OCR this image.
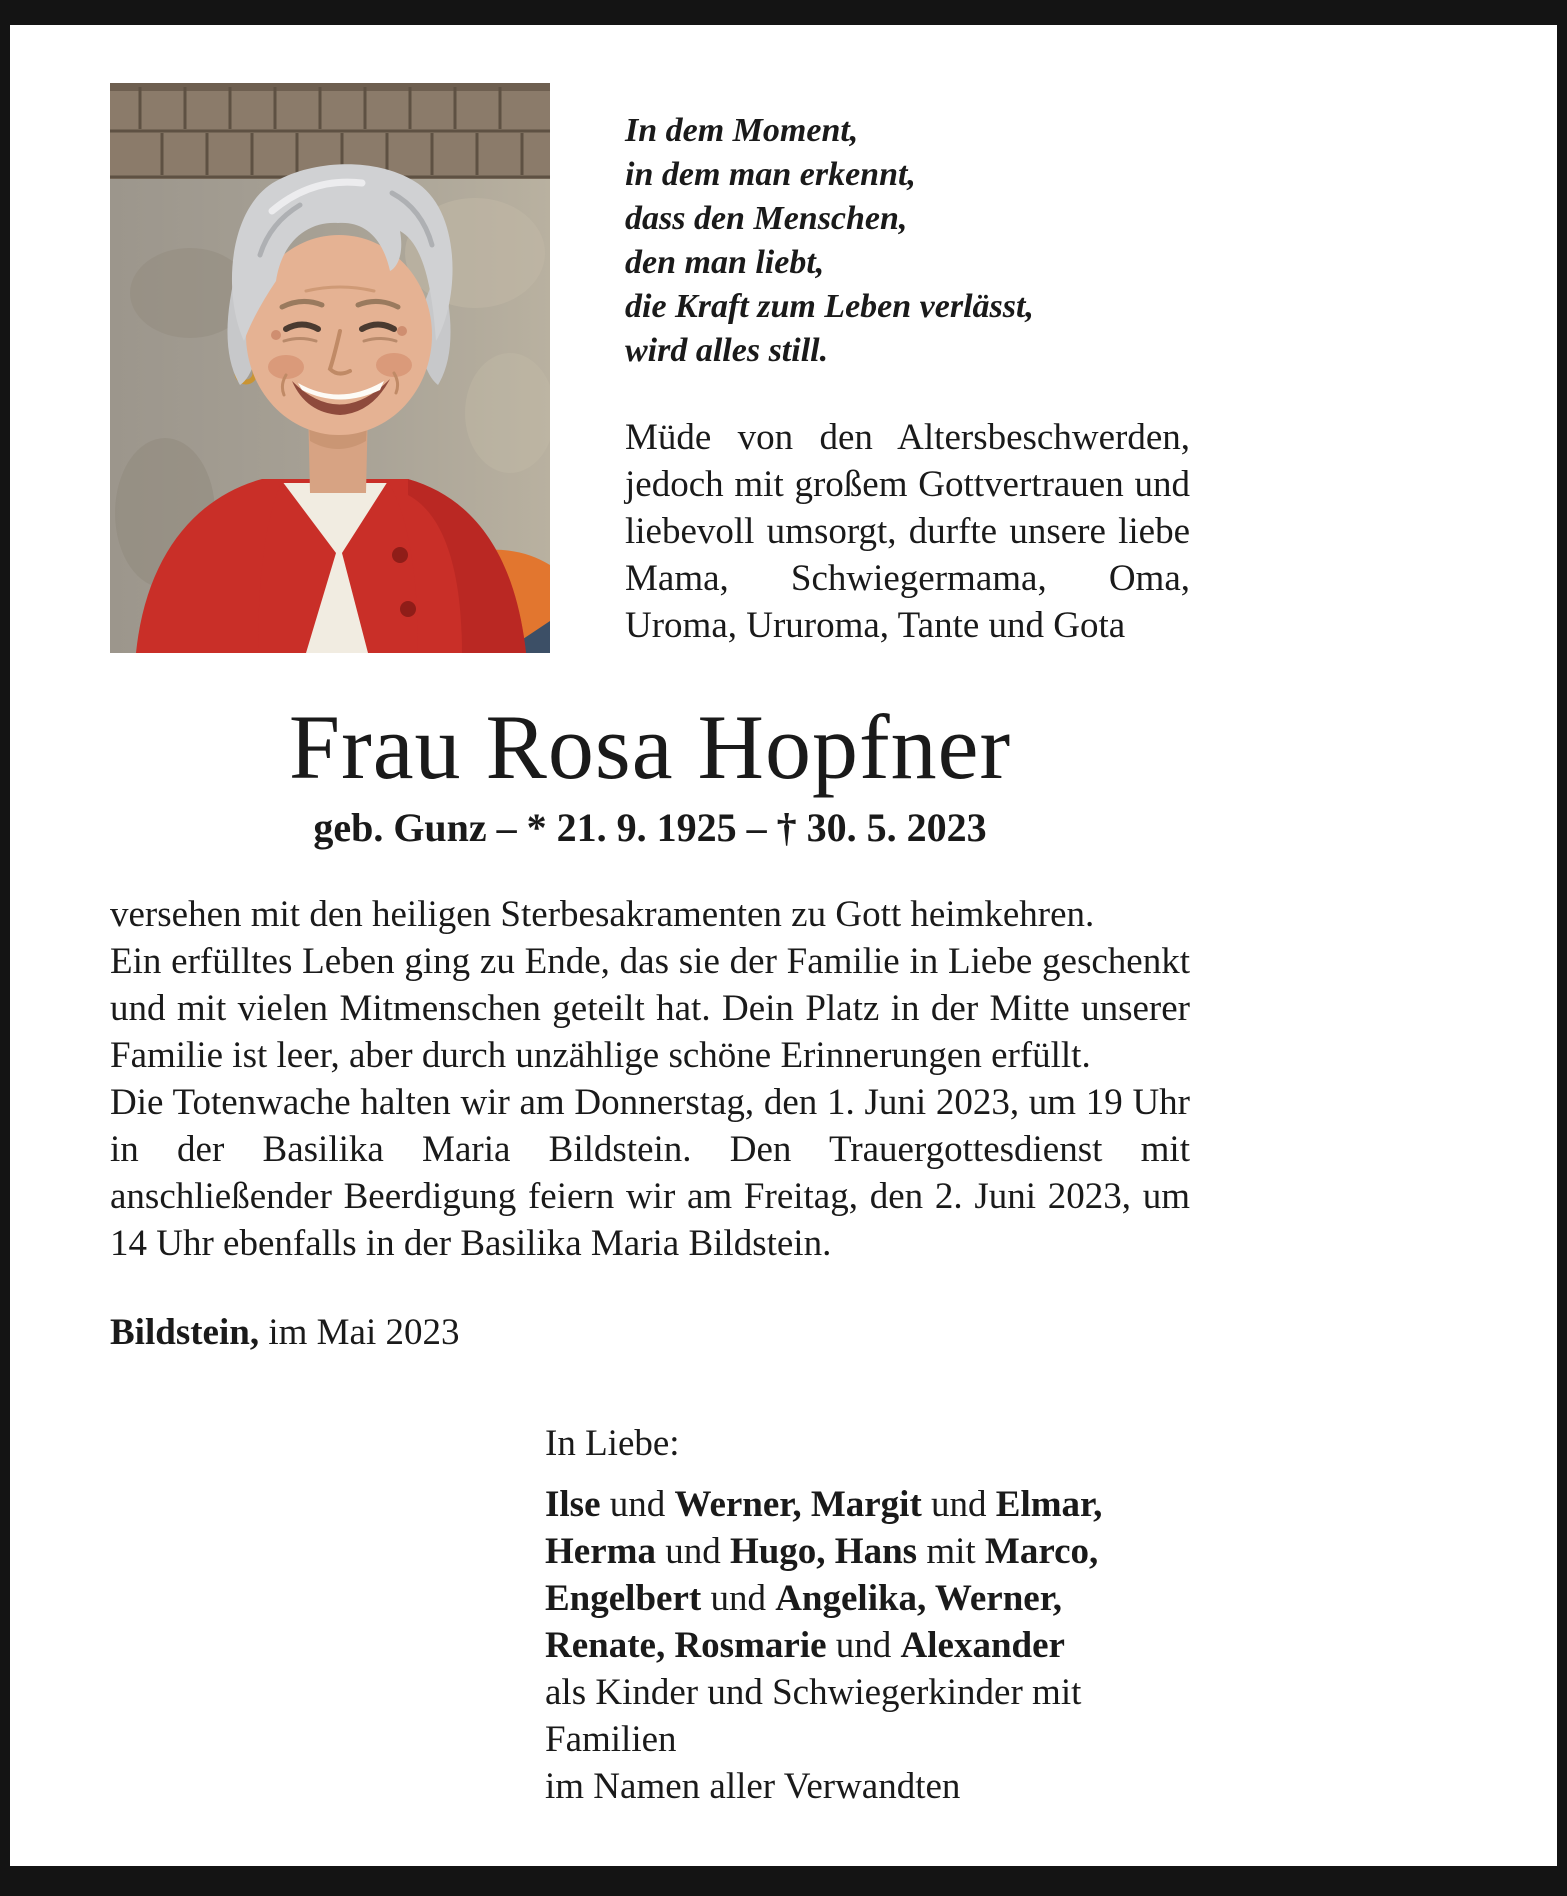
In dem Moment,
in dem man erkennt,
dass den Menschen,
den man liebt,
die Kraft zum Leben verlässt,
wird alles still.

Müde von den Altersbeschwerden, jedoch mit großem Gottvertrauen und liebevoll umsorgt, durfte unsere liebe Mama, Schwiegermama, Oma, Uroma, Ururoma, Tante und Gota

Frau Rosa Hopfner
geb. Gunz – * 21. 9. 1925 – † 30. 5. 2023

versehen mit den heiligen Sterbesakramenten zu Gott heimkehren.

Ein erfülltes Leben ging zu Ende, das sie der Familie in Liebe geschenkt und mit vielen Mitmenschen geteilt hat. Dein Platz in der Mitte unserer Familie ist leer, aber durch unzählige schöne Erinnerungen erfüllt.

Die Totenwache halten wir am Donnerstag, den 1. Juni 2023, um 19 Uhr in der Basilika Maria Bildstein. Den Trauergottesdienst mit anschließender Beerdigung feiern wir am Freitag, den 2. Juni 2023, um 14 Uhr ebenfalls in der Basilika Maria Bildstein.

Bildstein, im Mai 2023

In Liebe:

Ilse und Werner, Margit und Elmar,

Herma und Hugo, Hans mit Marco,

Engelbert und Angelika, Werner,

Renate, Rosmarie und Alexander

als Kinder und Schwiegerkinder mit Familien

im Namen aller Verwandten
